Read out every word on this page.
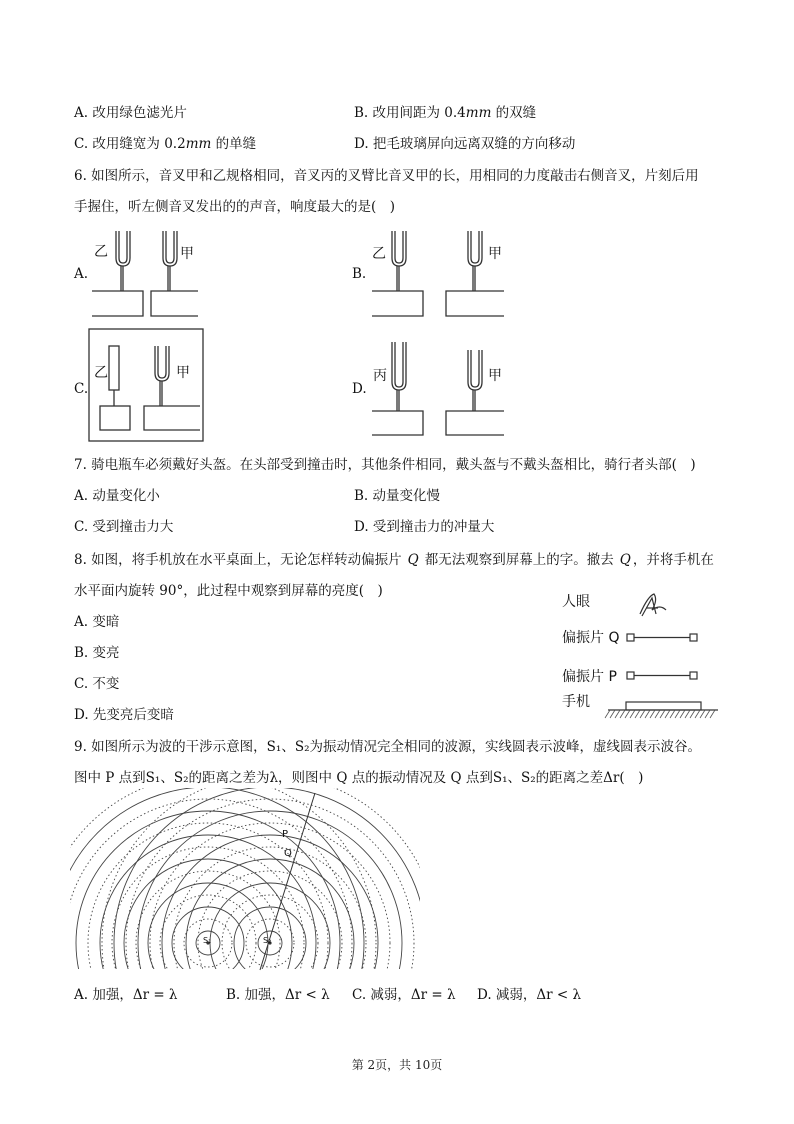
A. 改用绿色滤光片	B. 改用间距为 0.4mm 的双缝
C. 改用缝宽为 0.2mm 的单缝	D. 把毛玻璃屏向远离双缝的方向移动
6. 如图所示，音叉甲和乙规格相同，音叉丙的叉臂比音叉甲的长，用相同的力度敲击右侧音叉，片刻后用
手握住，听左侧音叉发出的的声音，响度最大的是(　)
A.
乙	甲
B.
乙	甲
C.
乙	甲
D.
丙	甲
7. 骑电瓶车必须戴好头盔。在头部受到撞击时，其他条件相同，戴头盔与不戴头盔相比，骑行者头部(　)
A. 动量变化小	B. 动量变化慢
C. 受到撞击力大	D. 受到撞击力的冲量大
8. 如图，将手机放在水平桌面上，无论怎样转动偏振片 Q 都无法观察到屏幕上的字。撤去 Q ，并将手机在
水平面内旋转 90°，此过程中观察到屏幕的亮度(　)
A. 变暗
B. 变亮
C. 不变
D. 先变亮后变暗
人眼
偏振片 Q
偏振片 P
手机
9. 如图所示为波的干涉示意图，S₁、S₂为振动情况完全相同的波源，实线圆表示波峰，虚线圆表示波谷。
图中 P 点到S₁、S₂的距离之差为λ，则图中 Q 点的振动情况及 Q 点到S₁、S₂的距离之差Δr(　)
P
Q
S₁	S₂
A. 加强，Δr = λ	B. 加强，Δr < λ C. 减弱，Δr = λ D. 减弱，Δr < λ
第 2页，共 10页
